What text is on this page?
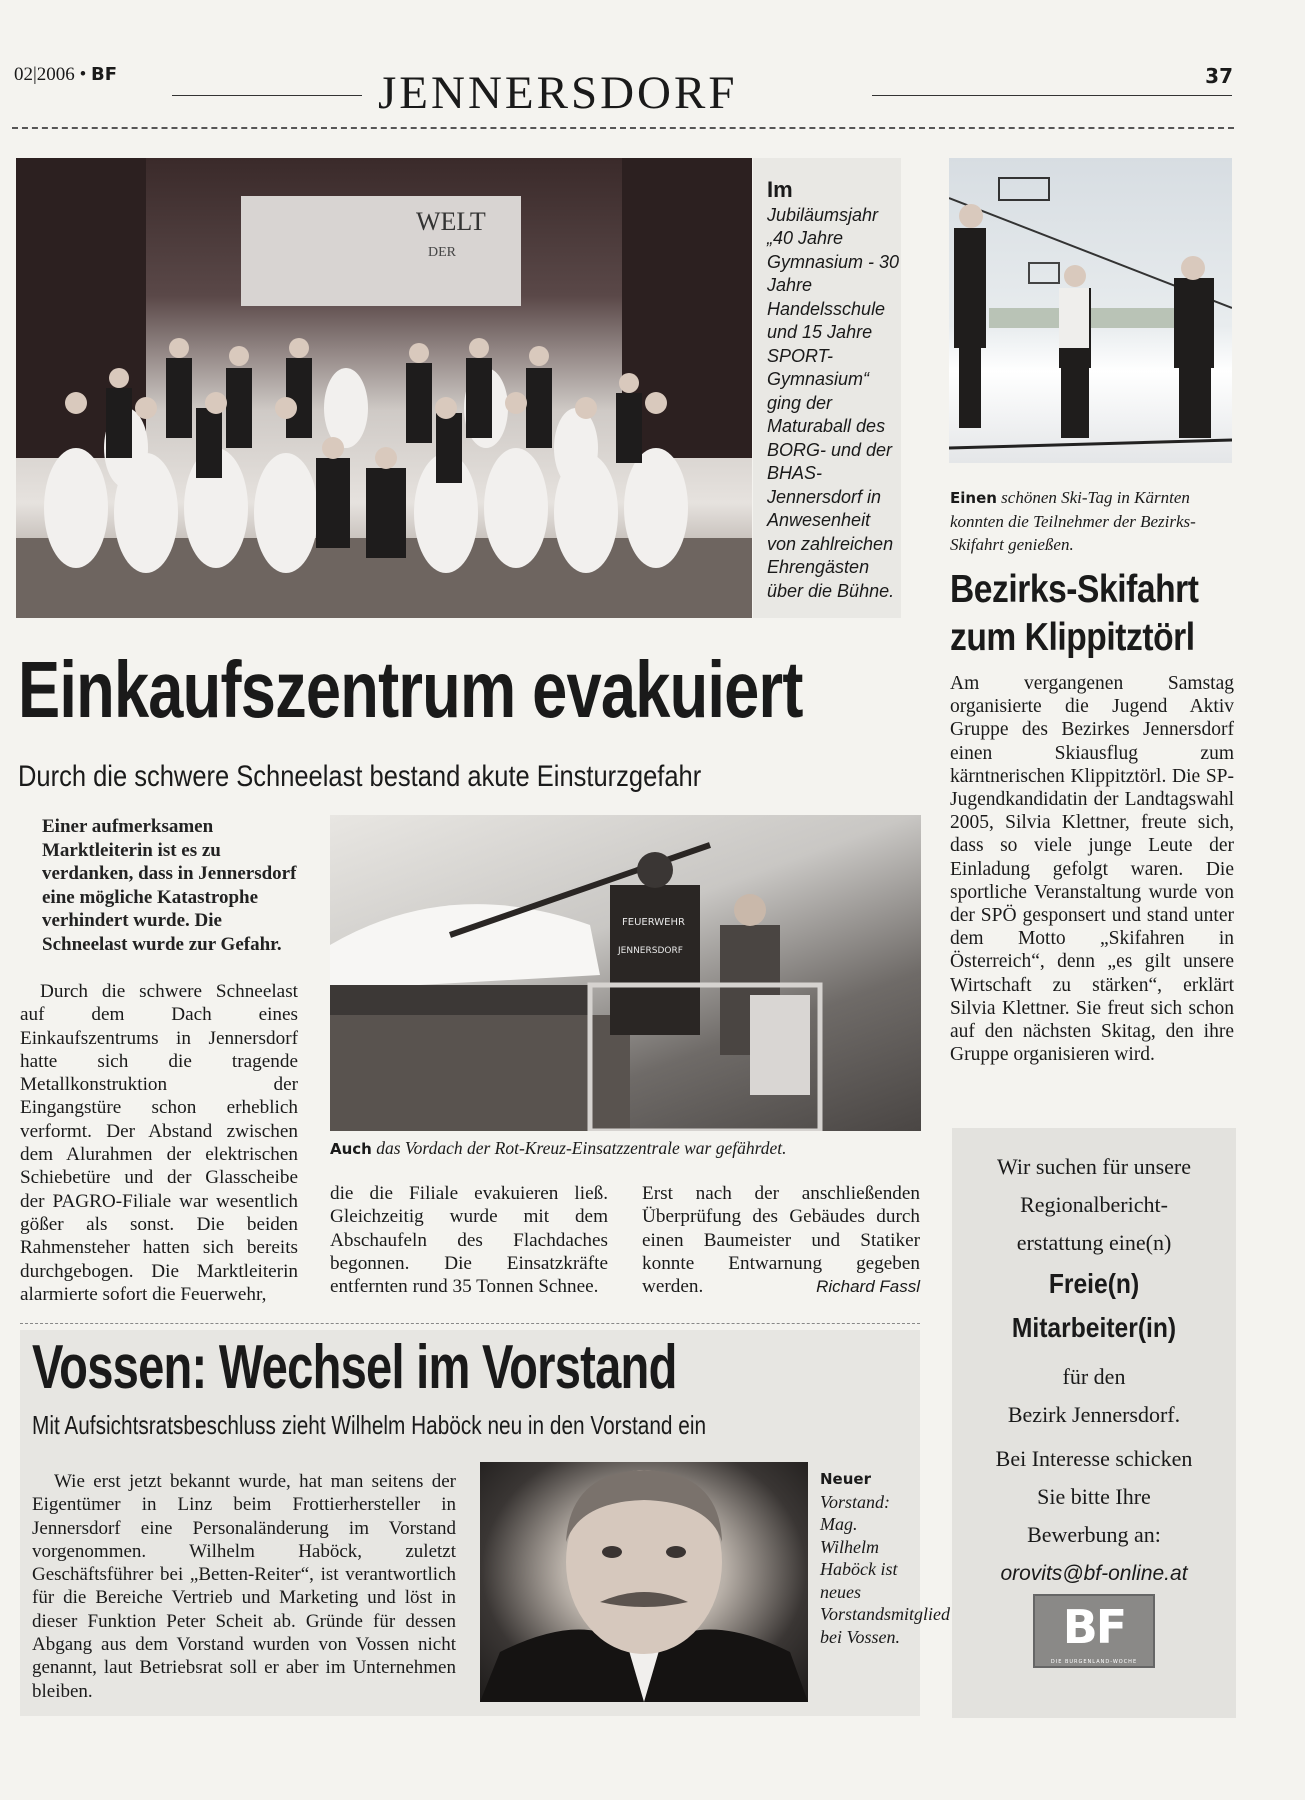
02|2006 • BF	JENNERSDORF	37
WELT
DER
Im Jubiläumsjahr „40 Jahre Gymnasium - 30 Jahre Handelsschule und 15 Jahre SPORT-Gymnasium“ ging der Maturaball des BORG- und der BHAS-Jennersdorf in Anwesenheit von zahlreichen Ehrengästen über die Bühne.
Einen schönen Ski-Tag in Kärnten konnten die Teilnehmer der Bezirks-Skifahrt genießen.
Bezirks-Skifahrt zum Klippitztörl
Am vergangenen Samstag organisierte die Jugend Aktiv Gruppe des Bezirkes Jennersdorf einen Skiausflug zum kärntnerischen Klippitztörl. Die SP-Jugendkandidatin der Landtagswahl 2005, Silvia Klettner, freute sich, dass so viele junge Leute der Einladung gefolgt waren. Die sportliche Veranstaltung wurde von der SPÖ gesponsert und stand unter dem Motto „Skifahren in Österreich“, denn „es gilt unsere Wirtschaft zu stärken“, erklärt Silvia Klettner. Sie freut sich schon auf den nächsten Skitag, den ihre Gruppe organisieren wird.
Einkaufszentrum evakuiert
Durch die schwere Schneelast bestand akute Einsturzgefahr
Einer aufmerksamen Marktleiterin ist es zu verdanken, dass in Jennersdorf eine mögliche Katastrophe verhindert wurde. Die Schneelast wurde zur Gefahr.
FEUERWEHR
JENNERSDORF
Auch das Vordach der Rot-Kreuz-Einsatzzentrale war gefährdet.
Durch die schwere Schneelast auf dem Dach eines Einkaufszentrums in Jennersdorf hatte sich die tragende Metallkonstruktion der Eingangstüre schon erheblich verformt. Der Abstand zwischen dem Alurahmen der elektrischen Schiebetüre und der Glasscheibe der PAGRO-Filiale war wesentlich gößer als sonst. Die beiden Rahmensteher hatten sich bereits durchgebogen. Die Marktleiterin alarmierte sofort die Feuerwehr,
die die Filiale evakuieren ließ. Gleichzeitig wurde mit dem Abschaufeln des Flachdaches begonnen. Die Einsatzkräfte entfernten rund 35 Tonnen Schnee.
Erst nach der anschließenden Überprüfung des Gebäudes durch einen Baumeister und Statiker konnte Entwarnung gegeben werden.	Richard Fassl
Vossen: Wechsel im Vorstand
Mit Aufsichtsratsbeschluss zieht Wilhelm Haböck neu in den Vorstand ein
Wie erst jetzt bekannt wurde, hat man seitens der Eigentümer in Linz beim Frottierhersteller in Jennersdorf eine Personaländerung im Vorstand vorgenommen. Wilhelm Haböck, zuletzt Geschäftsführer bei „Betten-Reiter“, ist verantwortlich für die Bereiche Vertrieb und Marketing und löst in dieser Funktion Peter Scheit ab. Gründe für dessen Abgang aus dem Vorstand wurden von Vossen nicht genannt, laut Betriebsrat soll er aber im Unternehmen bleiben.
Neuer Vorstand: Mag. Wilhelm Haböck ist neues Vorstandsmitglied bei Vossen.
Wir suchen für unsere
Regionalbericht-
erstattung eine(n)
Freie(n)
Mitarbeiter(in)
für den
Bezirk Jennersdorf.
Bei Interesse schicken
Sie bitte Ihre
Bewerbung an:
orovits@bf-online.at
BF
DIE BURGENLAND-WOCHE
